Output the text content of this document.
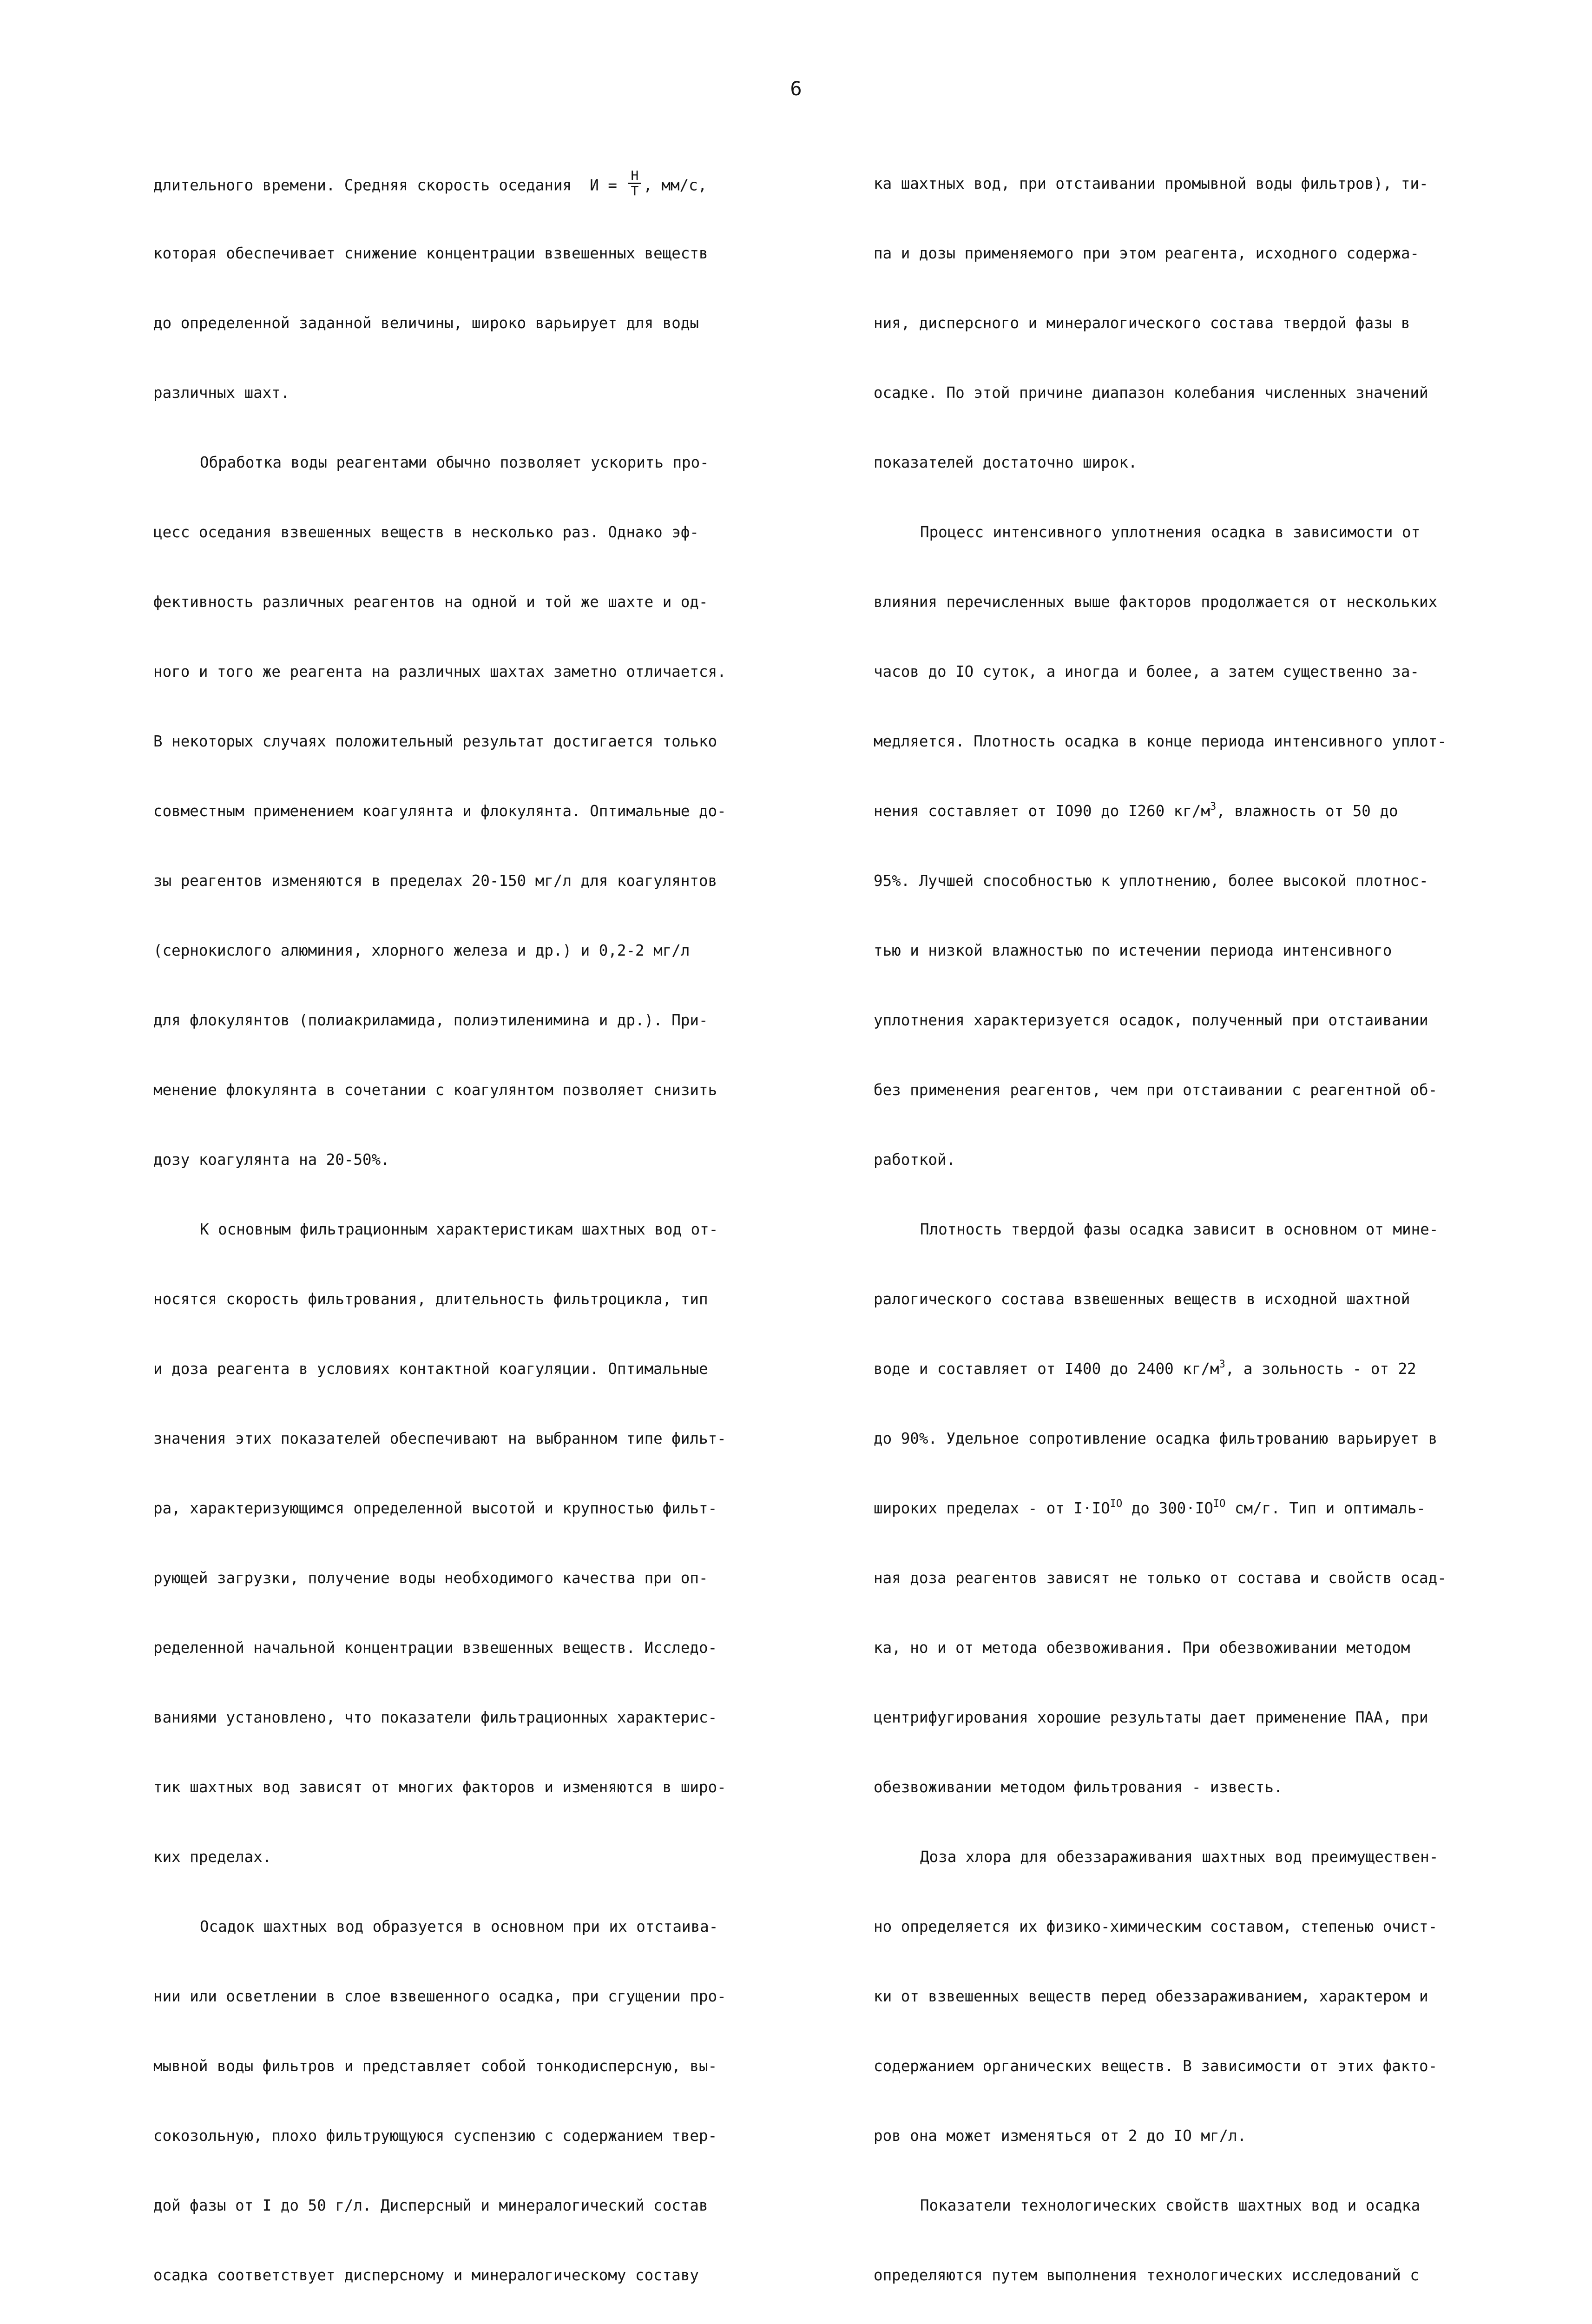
6

длительного времени. Средняя скорость оседания  $И = \frac{Н}{Т}$ , мм/с,

которая обеспечивает снижение концентрации взвешенных веществ

до определенной заданной величины, широко варьирует для воды

различных шахт.

Обработка воды реагентами обычно позволяет ускорить про-

цесс оседания взвешенных веществ в несколько раз. Однако эф-

фективность различных реагентов на одной и той же шахте и од-

ного и того же реагента на различных шахтах заметно отличается.

В некоторых случаях положительный результат достигается только

совместным применением коагулянта и флокулянта. Оптимальные до-

зы реагентов изменяются в пределах 20-150 мг/л для коагулянтов

(сернокислого алюминия, хлорного железа и др.) и 0,2-2 мг/л

для флокулянтов (полиакриламида, полиэтиленимина и др.). При-

менение флокулянта в сочетании с коагулянтом позволяет снизить

дозу коагулянта на 20-50%.

К основным фильтрационным характеристикам шахтных вод от-

носятся скорость фильтрования, длительность фильтроцикла, тип

и доза реагента в условиях контактной коагуляции. Оптимальные

значения этих показателей обеспечивают на выбранном типе фильт-

ра, характеризующимся определенной высотой и крупностью фильт-

рующей загрузки, получение воды необходимого качества при оп-

ределенной начальной концентрации взвешенных веществ. Исследо-

ваниями установлено, что показатели фильтрационных характерис-

тик шахтных вод зависят от многих факторов и изменяются в широ-

ких пределах.

Осадок шахтных вод образуется в основном при их отстаива-

нии или осветлении в слое взвешенного осадка, при сгущении про-

мывной воды фильтров и представляет собой тонкодисперсную, вы-

сокозольную, плохо фильтрующуюся суспензию с содержанием твер-

дой фазы от I до 50 г/л. Дисперсный и минералогический состав

осадка соответствует дисперсному и минералогическому составу

ка шахтных вод, при отстаивании промывной воды фильтров), ти-

па и дозы применяемого при этом реагента, исходного содержа-

ния, дисперсного и минералогического состава твердой фазы в

осадке. По этой причине диапазон колебания численных значений

показателей достаточно широк.

Процесс интенсивного уплотнения осадка в зависимости от

влияния перечисленных выше факторов продолжается от нескольких

часов до IO суток, а иногда и более, а затем существенно за-

медляется. Плотность осадка в конце периода интенсивного уплот-

нения составляет от IO90 до I260 $кг/м^3$, влажность от 50 до

95%. Лучшей способностью к уплотнению, более высокой плотнос-

тью и низкой влажностью по истечении периода интенсивного

уплотнения характеризуется осадок, полученный при отстаивании

без применения реагентов, чем при отстаивании с реагентной об-

работкой.

Плотность твердой фазы осадка зависит в основном от мине-

ралогического состава взвешенных веществ в исходной шахтной

воде и составляет от I400 до 2400 $кг/м^3$, а зольность - от 22

до 90%. Удельное сопротивление осадка фильтрованию варьирует в

широких пределах - от $I\cdot IO^{IO}$ до $300\cdot IO^{IO}$ см/г. Тип и оптималь-

ная доза реагентов зависят не только от состава и свойств осад-

ка, но и от метода обезвоживания. При обезвоживании методом

центрифугирования хорошие результаты дает применение ПАА, при

обезвоживании методом фильтрования - известь.

Доза хлора для обеззараживания шахтных вод преимуществен-

но определяется их физико-химическим составом, степенью очист-

ки от взвешенных веществ перед обеззараживанием, характером и

содержанием органических веществ. В зависимости от этих факто-

ров она может изменяться от 2 до IO мг/л.

Показатели технологических свойств шахтных вод и осадка

определяются путем выполнения технологических исследований с
